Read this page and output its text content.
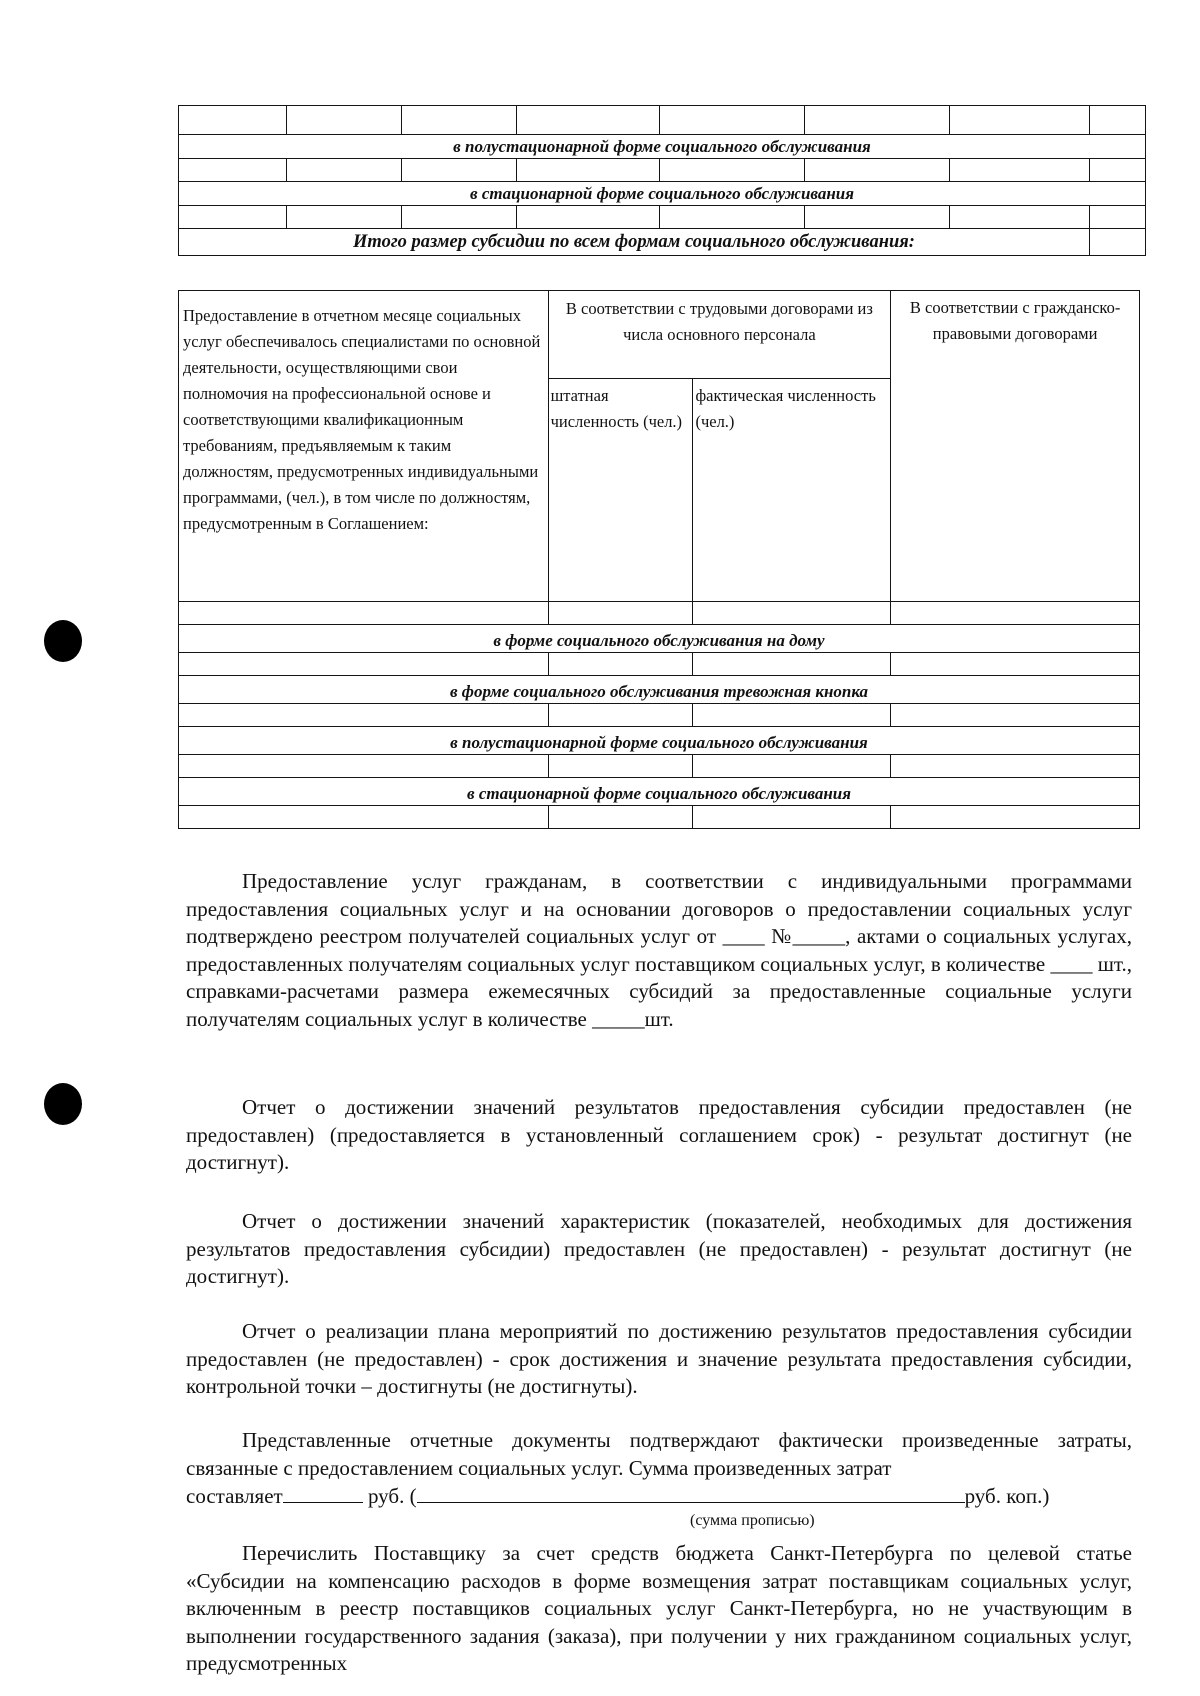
в полустационарной форме социального обслуживания							

в стационарной форме социального обслуживания							

Итого размер субсидии по всем формам социального обслуживания:							
Предоставление в отчетном месяце социальных услуг обеспечивалось специалистами по основной деятельности, осуществляющими свои полномочия на профессиональной основе и соответствующими квалификационным требованиям, предъявляемым к таким должностям, предусмотренных индивидуальными программами, (чел.), в том числе по должностям, предусмотренным в Соглашением:	В соответствии с трудовыми договорами из числа основного персонала		В соответствии с гражданско-правовыми договорами
	штатная численность (чел.)	фактическая численность (чел.)	

в форме социального обслуживания на дому			

в форме социального обслуживания тревожная кнопка			

в полустационарной форме социального обслуживания			

в стационарной форме социального обслуживания			

Предоставление услуг гражданам, в соответствии с индивидуальными программами предоставления социальных услуг и на основании договоров о предоставлении социальных услуг подтверждено реестром получателей социальных услуг от ____ №_____, актами о социальных услугах, предоставленных получателям социальных услуг поставщиком социальных услуг, в количестве ____ шт., справками-расчетами размера ежемесячных субсидий за предоставленные социальные услуги получателям социальных услуг в количестве _____шт.

Отчет о достижении значений результатов предоставления субсидии предоставлен (не предоставлен) (предоставляется в установленный соглашением срок) - результат достигнут (не достигнут).

Отчет о достижении значений характеристик (показателей, необходимых для достижения результатов предоставления субсидии) предоставлен (не предоставлен) - результат достигнут (не достигнут).

Отчет о реализации плана мероприятий по достижению результатов предоставления субсидии предоставлен (не предоставлен) - срок достижения и значение результата предоставления субсидии, контрольной точки – достигнуты (не достигнуты).

Представленные отчетные документы подтверждают фактически произведенные затраты, связанные с предоставлением социальных услуг. Сумма произведенных затрат

составляет	руб. (	руб. коп.)
(сумма прописью)

Перечислить Поставщику за счет средств бюджета Санкт-Петербурга по целевой статье «Субсидии на компенсацию расходов в форме возмещения затрат поставщикам социальных услуг, включенным в реестр поставщиков социальных услуг Санкт-Петербурга, но не участвующим в выполнении государственного задания (заказа), при получении у них гражданином социальных услуг, предусмотренных
